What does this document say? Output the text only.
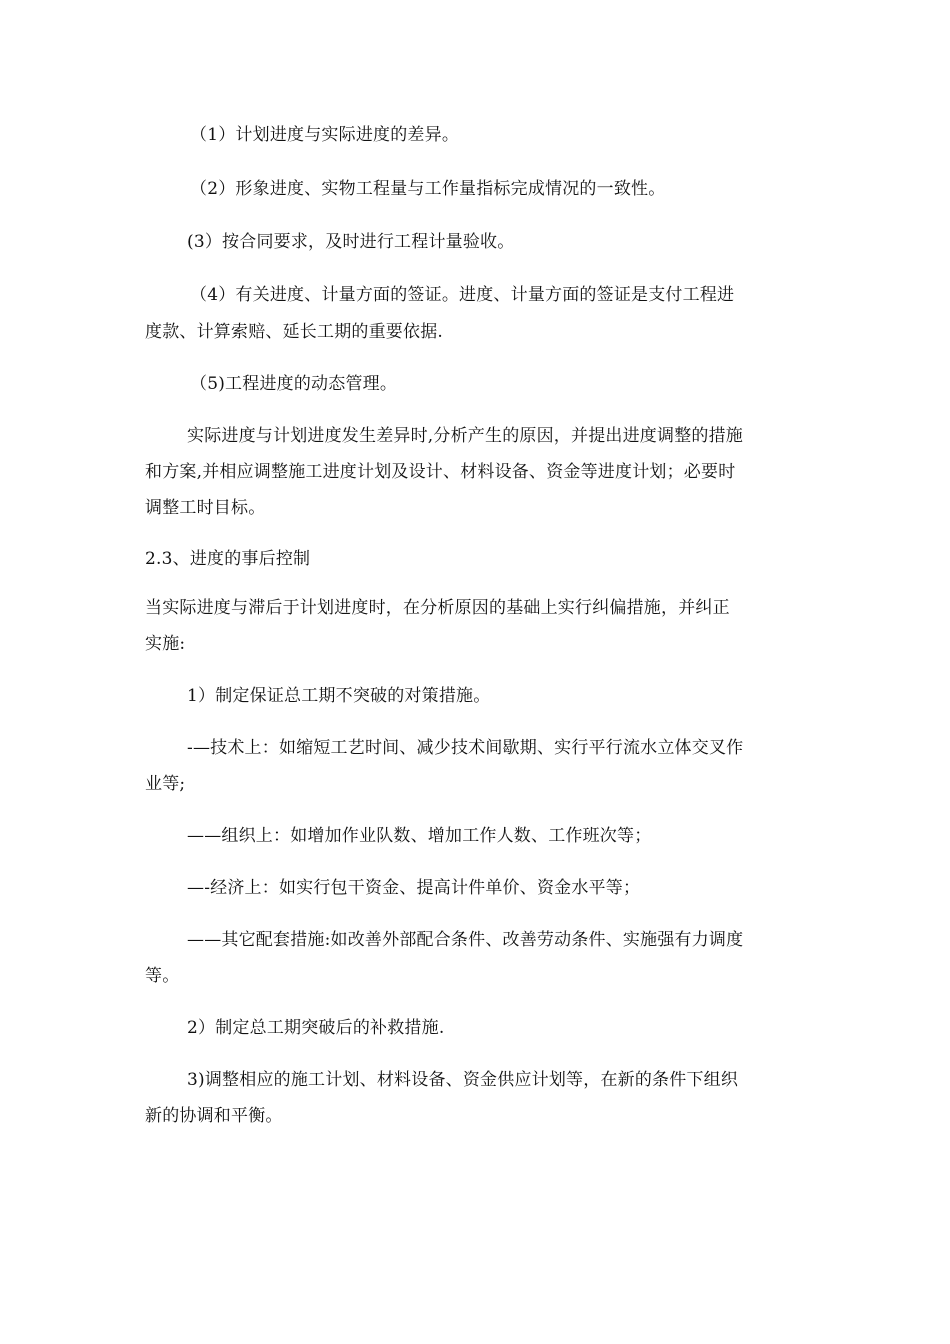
（1）计划进度与实际进度的差异。
（2）形象进度、实物工程量与工作量指标完成情况的一致性。
(3）按合同要求，及时进行工程计量验收。
（4）有关进度、计量方面的签证。进度、计量方面的签证是支付工程进
度款、计算索赔、延长工期的重要依据.
（5)工程进度的动态管理。
实际进度与计划进度发生差异时,分析产生的原因，并提出进度调整的措施
和方案,并相应调整施工进度计划及设计、材料设备、资金等进度计划；必要时
调整工时目标。
2.3、进度的事后控制
当实际进度与滞后于计划进度时，在分析原因的基础上实行纠偏措施，并纠正
实施:
1）制定保证总工期不突破的对策措施。
-—技术上：如缩短工艺时间、减少技术间歇期、实行平行流水立体交叉作
业等;
——组织上：如增加作业队数、增加工作人数、工作班次等；
—-经济上：如实行包干资金、提高计件单价、资金水平等；
——其它配套措施:如改善外部配合条件、改善劳动条件、实施强有力调度
等。
2）制定总工期突破后的补救措施.
3)调整相应的施工计划、材料设备、资金供应计划等，在新的条件下组织
新的协调和平衡。
